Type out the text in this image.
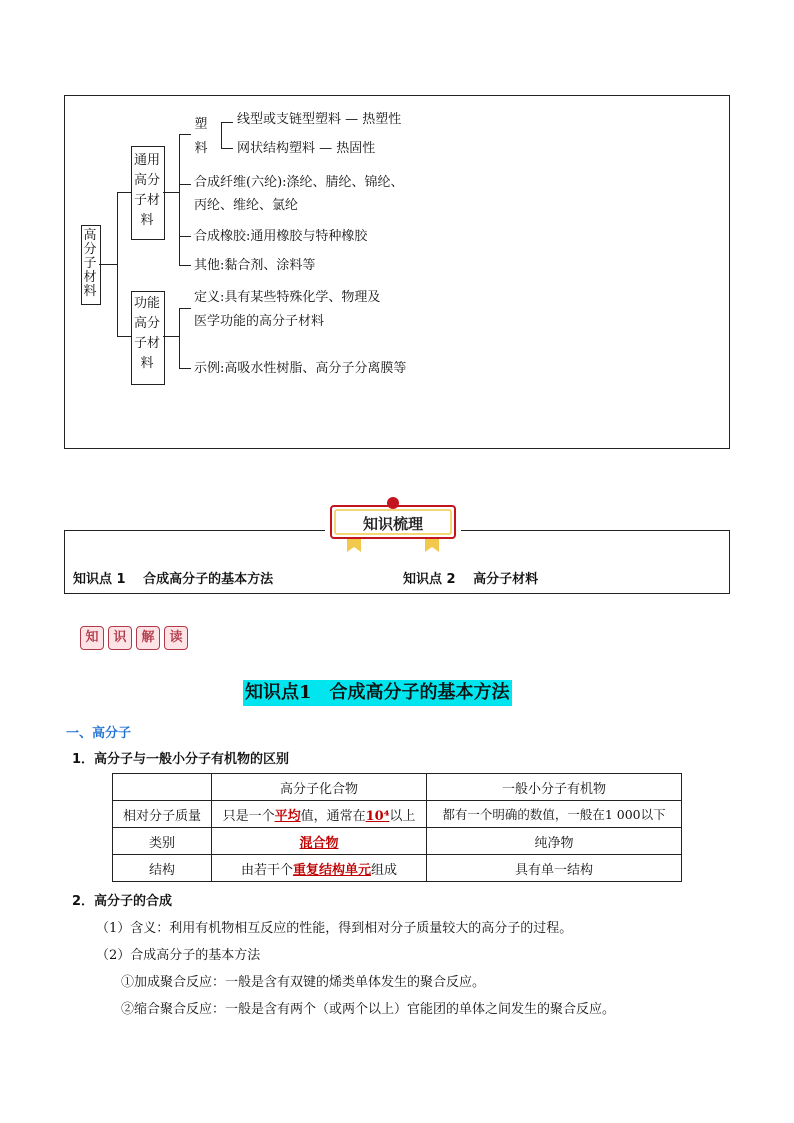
高分子材料
通用高分子材料
功能高分子材料
塑料
线型或支链型塑料 — 热塑性
网状结构塑料 — 热固性
合成纤维(六纶):涤纶、腈纶、锦纶、
丙纶、维纶、氯纶
合成橡胶:通用橡胶与特种橡胶
其他:黏合剂、涂料等
定义:具有某些特殊化学、物理及
医学功能的高分子材料
示例:高吸水性树脂、高分子分离膜等
知识梳理
知识点 1　 合成高分子的基本方法	知识点 2　 高分子材料
知 识 解 读
知识点1　合成高分子的基本方法
一、高分子
1．高分子与一般小分子有机物的区别
	高分子化合物	一般小分子有机物
相对分子质量	只是一个平均值，通常在10⁴以上	都有一个明确的数值，一般在1 000以下
类别	混合物	纯净物
结构	由若干个重复结构单元组成	具有单一结构
2．高分子的合成
（1）含义：利用有机物相互反应的性能，得到相对分子质量较大的高分子的过程。
（2）合成高分子的基本方法
①加成聚合反应：一般是含有双键的烯类单体发生的聚合反应。
②缩合聚合反应：一般是含有两个（或两个以上）官能团的单体之间发生的聚合反应。
